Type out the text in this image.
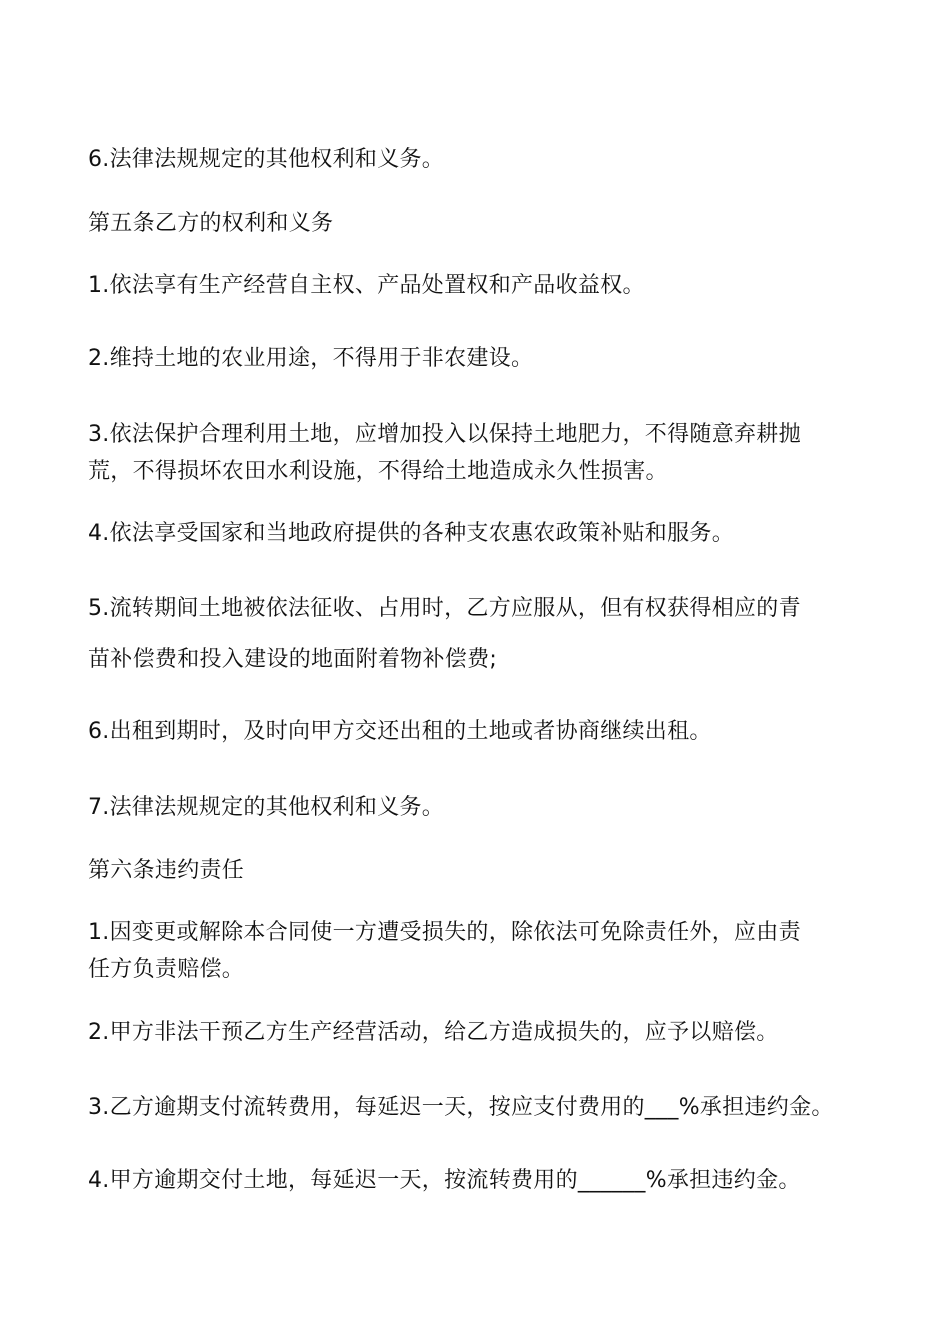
6.法律法规规定的其他权利和义务。
第五条乙方的权利和义务
1.依法享有生产经营自主权、产品处置权和产品收益权。
2.维持土地的农业用途，不得用于非农建设。
3.依法保护合理利用土地，应增加投入以保持土地肥力，不得随意弃耕抛
荒，不得损坏农田水利设施，不得给土地造成永久性损害。
4.依法享受国家和当地政府提供的各种支农惠农政策补贴和服务。
5.流转期间土地被依法征收、占用时，乙方应服从，但有权获得相应的青
苗补偿费和投入建设的地面附着物补偿费;
6.出租到期时，及时向甲方交还出租的土地或者协商继续出租。
7.法律法规规定的其他权利和义务。
第六条违约责任
1.因变更或解除本合同使一方遭受损失的，除依法可免除责任外，应由责
任方负责赔偿。
2.甲方非法干预乙方生产经营活动，给乙方造成损失的，应予以赔偿。
3.乙方逾期支付流转费用，每延迟一天，按应支付费用的___%承担违约金。
4.甲方逾期交付土地，每延迟一天，按流转费用的______%承担违约金。
